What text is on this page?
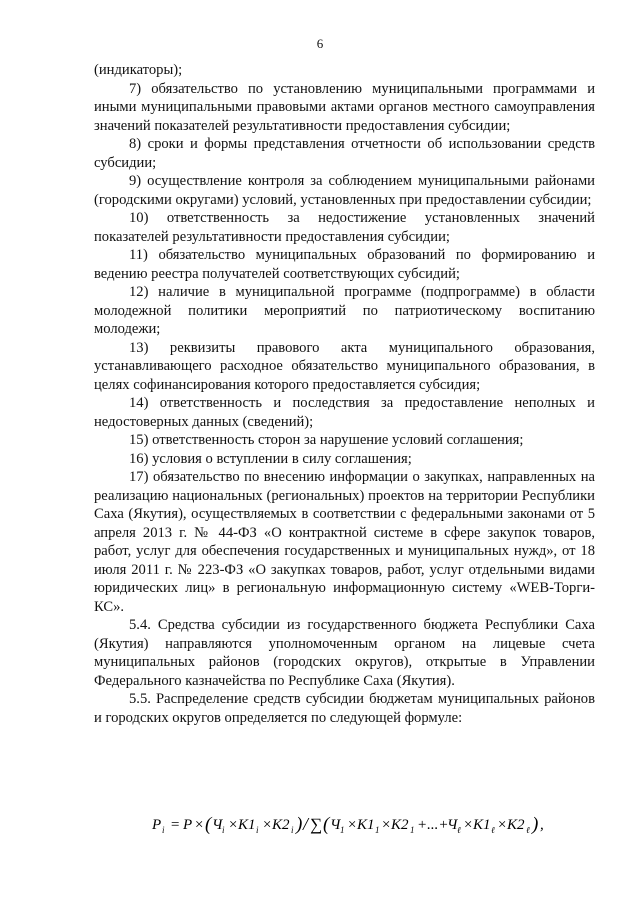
6

(индикаторы);

7) обязательство по установлению муниципальными программами и иными муниципальными правовыми актами органов местного самоуправления значений показателей результативности предоставления субсидии;

8) сроки и формы представления отчетности об использовании средств субсидии;

9) осуществление контроля за соблюдением муниципальными районами (городскими округами) условий, установленных при предоставлении субсидии;

10) ответственность за недостижение установленных значений показателей результативности предоставления субсидии;

11) обязательство муниципальных образований по формированию и ведению реестра получателей соответствующих субсидий;

12) наличие в муниципальной программе (подпрограмме) в области молодежной политики мероприятий по патриотическому воспитанию молодежи;

13) реквизиты правового акта муниципального образования, устанавливающего расходное обязательство муниципального образования, в целях софинансирования которого предоставляется субсидия;

14) ответственность и последствия за предоставление неполных и недостоверных данных (сведений);

15) ответственность сторон за нарушение условий соглашения;

16) условия о вступлении в силу соглашения;

17) обязательство по внесению информации о закупках, направленных на реализацию национальных (региональных) проектов на территории Республики Саха (Якутия), осуществляемых в соответствии с федеральными законами от 5 апреля 2013 г. № 44-ФЗ «О контрактной системе в сфере закупок товаров, работ, услуг для обеспечения государственных и муниципальных нужд», от 18 июля 2011 г. № 223-ФЗ «О закупках товаров, работ, услуг отдельными видами юридических лиц» в региональную информационную систему «WEB-Торги-КС».

5.4. Средства субсидии из государственного бюджета Республики Саха (Якутия) направляются уполномоченным органом на лицевые счета муниципальных районов (городских округов), открытые в Управлении Федерального казначейства по Республике Саха (Якутия).

5.5. Распределение средств субсидии бюджетам муниципальных районов и городских округов определяется по следующей формуле:

P i = P × ( Ч i × K1 i × K2 i ) / ∑ ( Ч 1 × K1 1 × K2 1 +...+
Ч ℓ × K1 ℓ × K2 ℓ ) ,
